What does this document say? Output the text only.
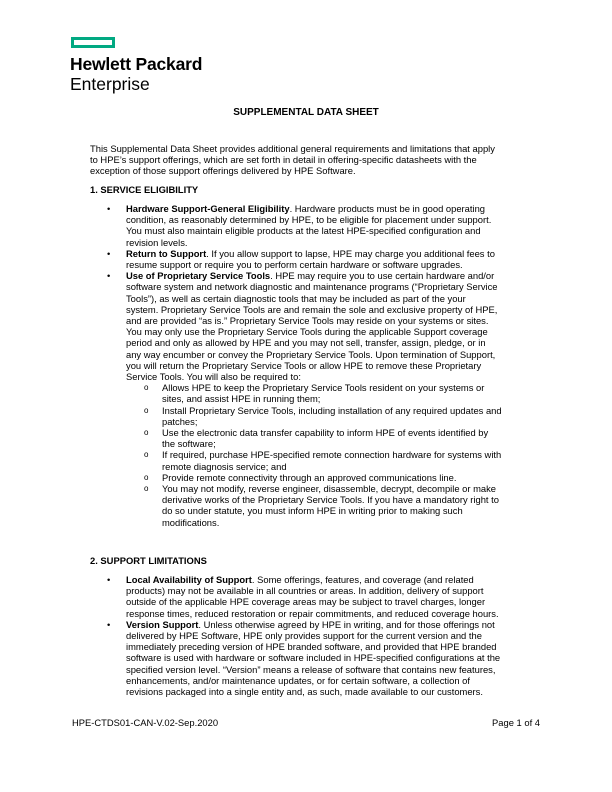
Hewlett Packard
Enterprise
SUPPLEMENTAL DATA SHEET
This Supplemental Data Sheet provides additional general requirements and limitations that apply
to HPE’s support offerings, which are set forth in detail in offering-specific datasheets with the
exception of those support offerings delivered by HPE Software.
1. SERVICE ELIGIBILITY
•	Hardware Support-General Eligibility. Hardware products must be in good operating
condition, as reasonably determined by HPE, to be eligible for placement under support.
You must also maintain eligible products at the latest HPE-specified configuration and
revision levels.
•	Return to Support. If you allow support to lapse, HPE may charge you additional fees to
resume support or require you to perform certain hardware or software upgrades.
•	Use of Proprietary Service Tools. HPE may require you to use certain hardware and/or
software system and network diagnostic and maintenance programs (“Proprietary Service
Tools”), as well as certain diagnostic tools that may be included as part of the your
system. Proprietary Service Tools are and remain the sole and exclusive property of HPE,
and are provided “as is.” Proprietary Service Tools may reside on your systems or sites.
You may only use the Proprietary Service Tools during the applicable Support coverage
period and only as allowed by HPE and you may not sell, transfer, assign, pledge, or in
any way encumber or convey the Proprietary Service Tools. Upon termination of Support,
you will return the Proprietary Service Tools or allow HPE to remove these Proprietary
Service Tools. You will also be required to:
o Allows HPE to keep the Proprietary Service Tools resident on your systems or
sites, and assist HPE in running them;
o Install Proprietary Service Tools, including installation of any required updates and
patches;
o Use the electronic data transfer capability to inform HPE of events identified by
the software;
o If required, purchase HPE-specified remote connection hardware for systems with
remote diagnosis service; and
o Provide remote connectivity through an approved communications line.
o You may not modify, reverse engineer, disassemble, decrypt, decompile or make
derivative works of the Proprietary Service Tools. If you have a mandatory right to
do so under statute, you must inform HPE in writing prior to making such
modifications.
2. SUPPORT LIMITATIONS
•	Local Availability of Support. Some offerings, features, and coverage (and related
products) may not be available in all countries or areas. In addition, delivery of support
outside of the applicable HPE coverage areas may be subject to travel charges, longer
response times, reduced restoration or repair commitments, and reduced coverage hours.
•	Version Support. Unless otherwise agreed by HPE in writing, and for those offerings not
delivered by HPE Software, HPE only provides support for the current version and the
immediately preceding version of HPE branded software, and provided that HPE branded
software is used with hardware or software included in HPE-specified configurations at the
specified version level. “Version” means a release of software that contains new features,
enhancements, and/or maintenance updates, or for certain software, a collection of
revisions packaged into a single entity and, as such, made available to our customers.
HPE-CTDS01-CAN-V.02-Sep.2020	Page 1 of 4
